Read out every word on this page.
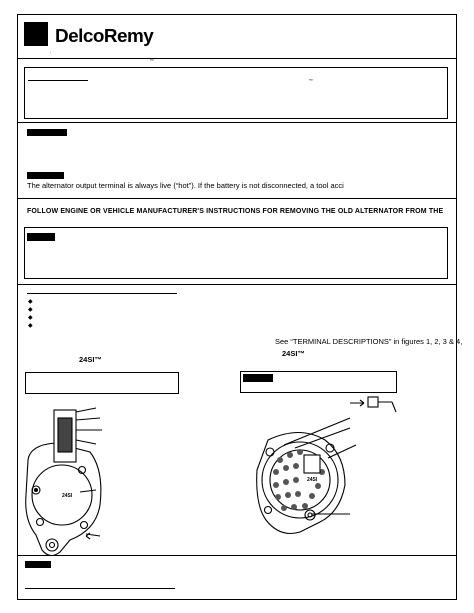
DelcoRemy
·
™
™
The alternator output terminal is always live (“hot”). If the battery is not disconnected, a tool acci
FOLLOW ENGINE OR VEHICLE MANUFACTURER'S INSTRUCTIONS FOR REMOVING THE OLD ALTERNATOR FROM THE
◆
◆
◆
◆
See “TERMINAL DESCRIPTIONS” in figures 1, 2, 3 & 4,
24SI™
24SI™
24SI
24SI
